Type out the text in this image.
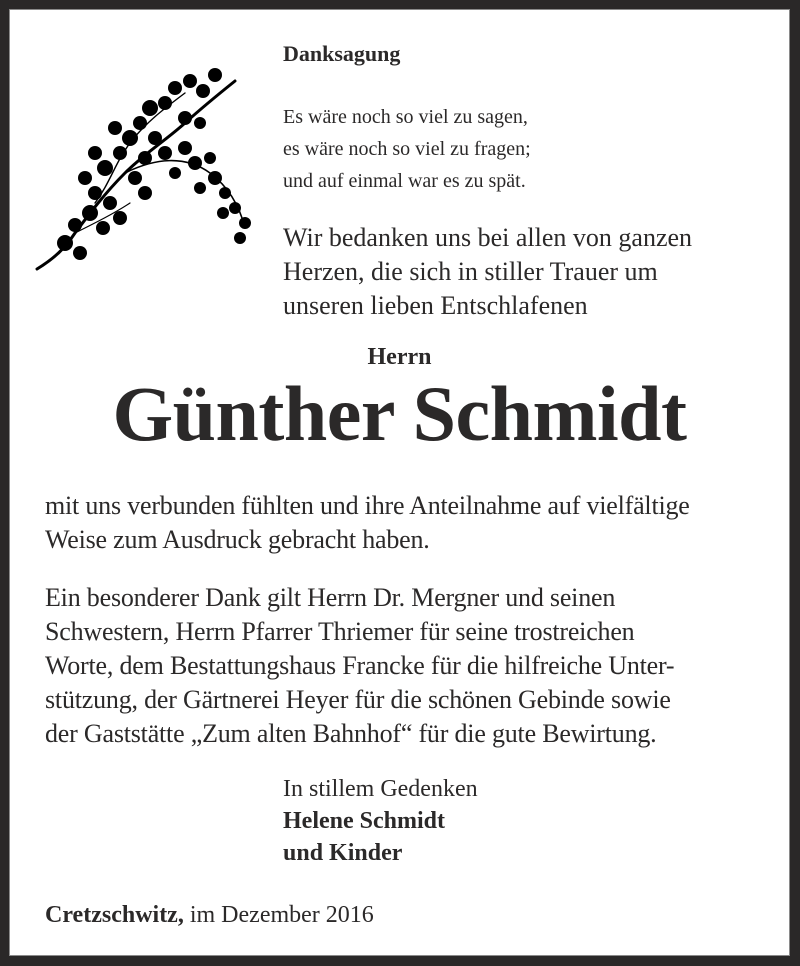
Danksagung
Es wäre noch so viel zu sagen,
es wäre noch so viel zu fragen;
und auf einmal war es zu spät.
Wir bedanken uns bei allen von ganzen
Herzen, die sich in stiller Trauer um
unseren lieben Entschlafenen
Herrn
Günther Schmidt
mit uns verbunden fühlten und ihre Anteilnahme auf vielfältige
Weise zum Ausdruck gebracht haben.
Ein besonderer Dank gilt Herrn Dr. Mergner und seinen
Schwestern, Herrn Pfarrer Thriemer für seine trostreichen
Worte, dem Bestattungshaus Francke für die hilfreiche Unter-
stützung, der Gärtnerei Heyer für die schönen Gebinde sowie
der Gaststätte „Zum alten Bahnhof“ für die gute Bewirtung.
In stillem Gedenken
Helene Schmidt
und Kinder
Cretzschwitz, im Dezember 2016
